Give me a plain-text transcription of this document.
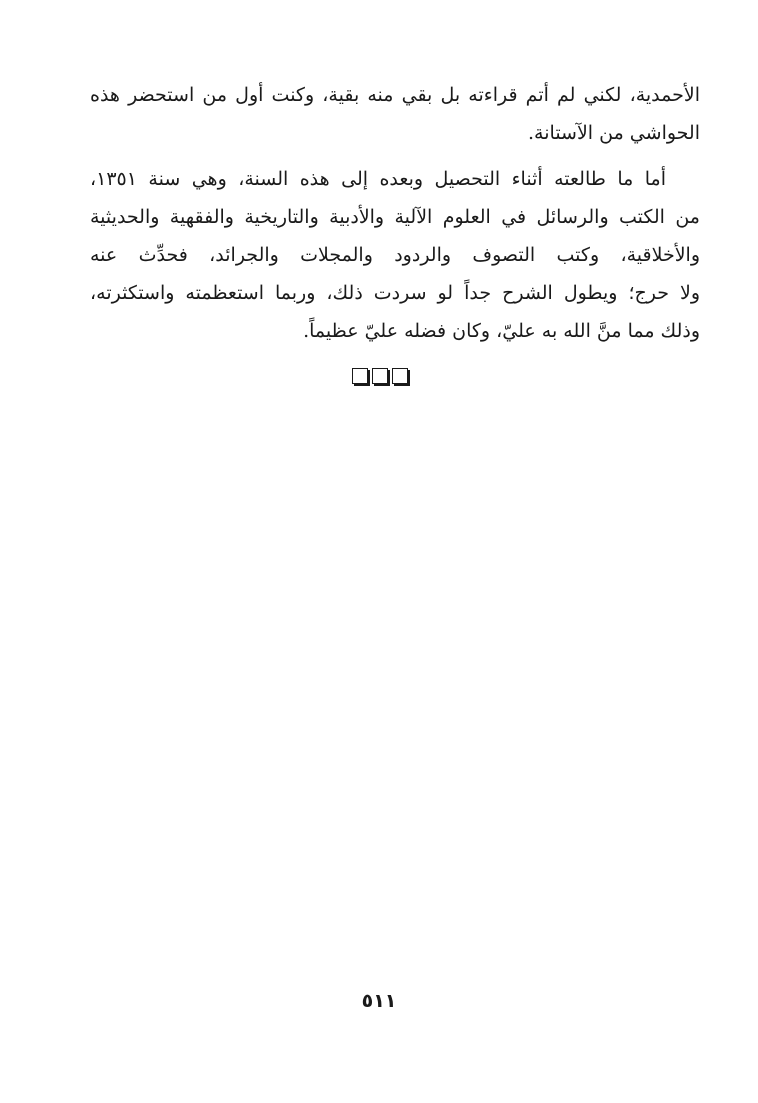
الأحمدية، لكني لم أتم قراءته بل بقي منه بقية، وكنت أول من استحضر هذه
الحواشي من الآستانة.
أما ما طالعته أثناء التحصيل وبعده إلى هذه السنة، وهي سنة ١٣٥١،
من الكتب والرسائل في العلوم الآلية والأدبية والتاريخية والفقهية والحديثية
والأخلاقية، وكتب التصوف والردود والمجلات والجرائد، فحدِّث عنه
ولا حرج؛ ويطول الشرح جداً لو سردت ذلك، وربما استعظمته واستكثرته،
وذلك مما منَّ الله به عليّ، وكان فضله عليّ عظيماً.
٥١١
